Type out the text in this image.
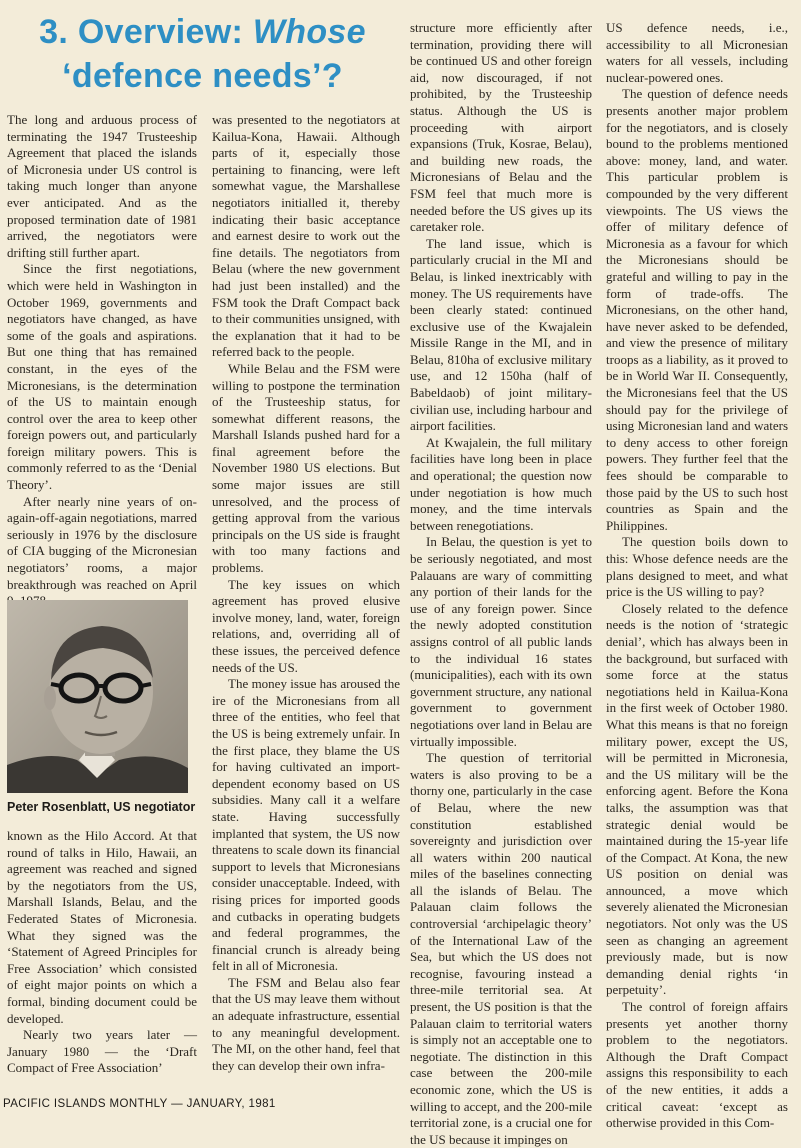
3. Overview: Whose
‘defence needs’?

The long and arduous process of terminating the 1947 Trusteeship Agreement that placed the islands of Micronesia under US control is taking much longer than anyone ever anticipated. And as the proposed termination date of 1981 arrived, the negotiators were drifting still further apart.

Since the first negotiations, which were held in Washington in October 1969, governments and negotiators have changed, as have some of the goals and aspirations. But one thing that has remained constant, in the eyes of the Micronesians, is the determination of the US to maintain enough control over the area to keep other foreign powers out, and particularly foreign military powers. This is commonly referred to as the ‘Denial Theory’.

After nearly nine years of on-again-off-again negotiations, marred seriously in 1976 by the disclosure of CIA bugging of the Micronesian negotiators’ rooms, a major breakthrough was reached on April

Peter Rosenblatt, US negotiator

known as the Hilo Accord. At that round of talks in Hilo, Hawaii, an agreement was reached and signed by the negotiators from the US, Marshall Islands, Belau, and the Federated States of Micronesia. What they signed was the ‘Statement of Agreed Principles for Free Association’ which consisted of eight major points on which a formal, binding document could be developed.

Nearly two years later — January 1980 — the ‘Draft Compact of Free Association’

was presented to the negotiators at Kailua-Kona, Hawaii. Although parts of it, especially those pertaining to financing, were left somewhat vague, the Marshallese negotiators initialled it, thereby indicating their basic acceptance and earnest desire to work out the fine details. The negotiators from Belau (where the new government had just been installed) and the FSM took the Draft Compact back to their communities unsigned, with the explanation that it had to be referred back to the people.

While Belau and the FSM were willing to postpone the termination of the Trusteeship status, for somewhat different reasons, the Marshall Islands pushed hard for a final agreement before the November 1980 US elections. But some major issues are still unresolved, and the process of getting approval from the various principals on the US side is fraught with too many factions and problems.

The key issues on which agreement has proved elusive involve money, land, water, foreign relations, and, overriding all of these issues, the perceived defence needs of the US.

The money issue has aroused the ire of the Micronesians from all three of the entities, who feel that the US is being extremely unfair. In the first place, they blame the US for having cultivated an import-dependent economy based on US subsidies. Many call it a welfare state. Having successfully implanted that system, the US now threatens to scale down its financial support to levels that Micronesians consider unacceptable. Indeed, with rising prices for imported goods and cutbacks in operating budgets and federal programmes, the financial crunch is already being felt in all of Micronesia.

The FSM and Belau also fear that the US may leave them without an adequate infrastructure, essential to any meaningful development. The MI, on the other hand, feel that they can develop their own infra-

structure more efficiently after termination, providing there will be continued US and other foreign aid, now discouraged, if not prohibited, by the Trusteeship status. Although the US is proceeding with airport expansions (Truk, Kosrae, Belau), and building new roads, the Micronesians of Belau and the FSM feel that much more is needed before the US gives up its caretaker role.

The land issue, which is particularly crucial in the MI and Belau, is linked inextricably with money. The US requirements have been clearly stated: continued exclusive use of the Kwajalein Missile Range in the MI, and in Belau, 810ha of exclusive military use, and 12 150ha (half of Babeldaob) of joint military-civilian use, including harbour and airport facilities.

At Kwajalein, the full military facilities have long been in place and operational; the question now under negotiation is how much money, and the time intervals between renegotiations.

In Belau, the question is yet to be seriously negotiated, and most Palauans are wary of committing any portion of their lands for the use of any foreign power. Since the newly adopted constitution assigns control of all public lands to the individual 16 states (municipalities), each with its own government structure, any national government to government negotiations over land in Belau are virtually impossible.

The question of territorial waters is also proving to be a thorny one, particularly in the case of Belau, where the new constitution established sovereignty and jurisdiction over all waters within 200 nautical miles of the baselines connecting all the islands of Belau. The Palauan claim follows the controversial ‘archipelagic theory’ of the International Law of the Sea, but which the US does not recognise, favouring instead a three-mile territorial sea. At present, the US position is that the Palauan claim to territorial waters is simply not an acceptable one to negotiate. The distinction in this case between the 200-mile economic zone, which the US is willing to accept, and the 200-mile territorial zone, is a crucial one for the US because it impinges on

US defence needs, i.e., accessibility to all Micronesian waters for all vessels, including nuclear-powered ones.

The question of defence needs presents another major problem for the negotiators, and is closely bound to the problems mentioned above: money, land, and water. This particular problem is compounded by the very different viewpoints. The US views the offer of military defence of Micronesia as a favour for which the Micronesians should be grateful and willing to pay in the form of trade-offs. The Micronesians, on the other hand, have never asked to be defended, and view the presence of military troops as a liability, as it proved to be in World War II. Consequently, the Micronesians feel that the US should pay for the privilege of using Micronesian land and waters to deny access to other foreign powers. They further feel that the fees should be comparable to those paid by the US to such host countries as Spain and the Philippines.

The question boils down to this: Whose defence needs are the plans designed to meet, and what price is the US willing to pay?

Closely related to the defence needs is the notion of ‘strategic denial’, which has always been in the background, but surfaced with some force at the status negotiations held in Kailua-Kona in the first week of October 1980. What this means is that no foreign military power, except the US, will be permitted in Micronesia, and the US military will be the enforcing agent. Before the Kona talks, the assumption was that strategic denial would be maintained during the 15-year life of the Compact. At Kona, the new US position on denial was announced, a move which severely alienated the Micronesian negotiators. Not only was the US seen as changing an agreement previously made, but is now demanding denial rights ‘in perpetuity’.

The control of foreign affairs presents yet another thorny problem to the negotiators. Although the Draft Compact assigns this responsibility to each of the new entities, it adds a critical caveat: ‘except as otherwise provided in this Com-

PACIFIC ISLANDS MONTHLY — JANUARY, 1981
